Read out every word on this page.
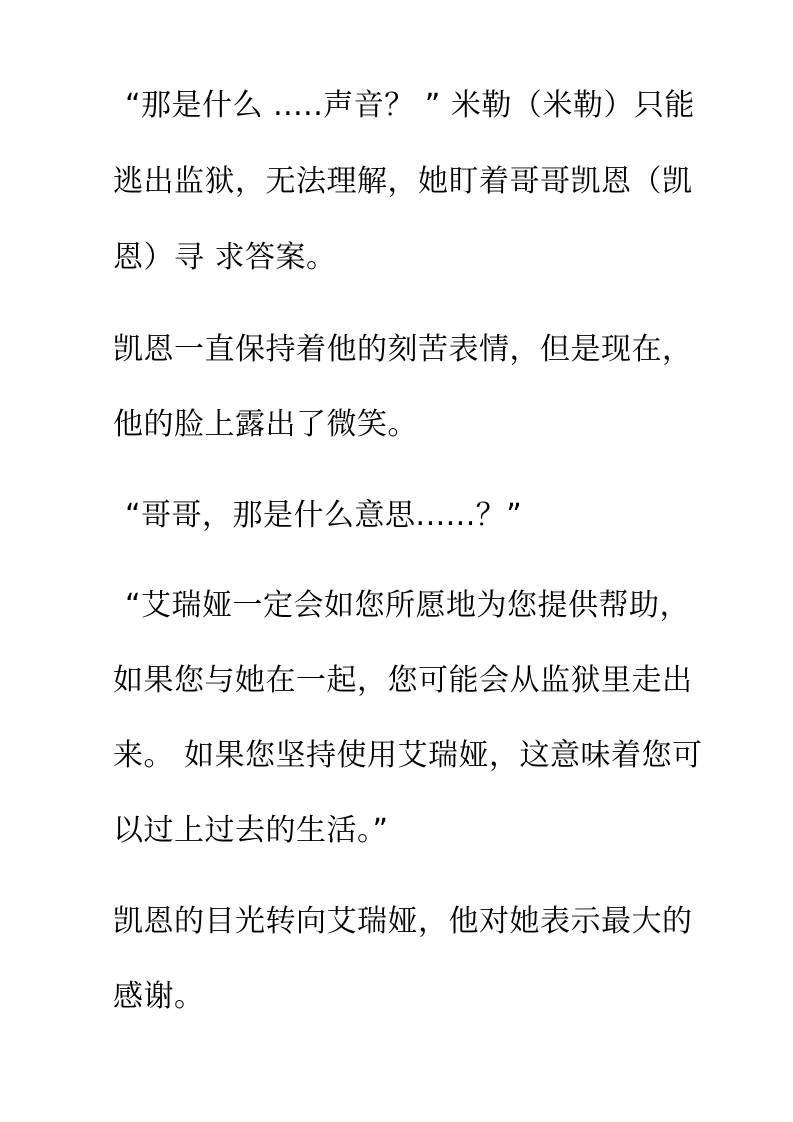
“那是什么 .....声音？ ” 米勒（米勒）只能
逃出监狱，无法理解，她盯着哥哥凯恩（凯
恩）寻 求答案。
凯恩一直保持着他的刻苦表情，但是现在，
他的脸上露出了微笑。
“哥哥，那是什么意思......？”
“艾瑞娅一定会如您所愿地为您提供帮助，
如果您与她在一起，您可能会从监狱里走出
来。 如果您坚持使用艾瑞娅，这意味着您可
以过上过去的生活。”
凯恩的目光转向艾瑞娅，他对她表示最大的
感谢。
